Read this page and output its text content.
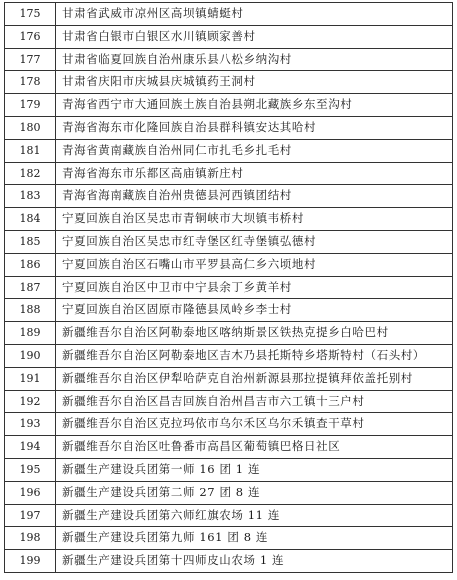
175	甘肃省武威市凉州区高坝镇蜻蜓村
176	甘肃省白银市白银区水川镇顾家善村
177	甘肃省临夏回族自治州康乐县八松乡纳沟村
178	甘肃省庆阳市庆城县庆城镇药王洞村
179	青海省西宁市大通回族土族自治县朔北藏族乡东至沟村
180	青海省海东市化隆回族自治县群科镇安达其哈村
181	青海省黄南藏族自治州同仁市扎毛乡扎毛村
182	青海省海东市乐都区高庙镇新庄村
183	青海省海南藏族自治州贵德县河西镇团结村
184	宁夏回族自治区吴忠市青铜峡市大坝镇韦桥村
185	宁夏回族自治区吴忠市红寺堡区红寺堡镇弘德村
186	宁夏回族自治区石嘴山市平罗县高仁乡六顷地村
187	宁夏回族自治区中卫市中宁县余丁乡黄羊村
188	宁夏回族自治区固原市隆德县凤岭乡李士村
189	新疆维吾尔自治区阿勒泰地区喀纳斯景区铁热克提乡白哈巴村
190	新疆维吾尔自治区阿勒泰地区吉木乃县托斯特乡塔斯特村（石头村）
191	新疆维吾尔自治区伊犁哈萨克自治州新源县那拉提镇拜依盖托别村
192	新疆维吾尔自治区昌吉回族自治州昌吉市六工镇十三户村
193	新疆维吾尔自治区克拉玛依市乌尔禾区乌尔禾镇查干草村
194	新疆维吾尔自治区吐鲁番市高昌区葡萄镇巴格日社区
195	新疆生产建设兵团第一师 16 团 1 连
196	新疆生产建设兵团第二师 27 团 8 连
197	新疆生产建设兵团第六师红旗农场 11 连
198	新疆生产建设兵团第九师 161 团 8 连
199	新疆生产建设兵团第十四师皮山农场 1 连
